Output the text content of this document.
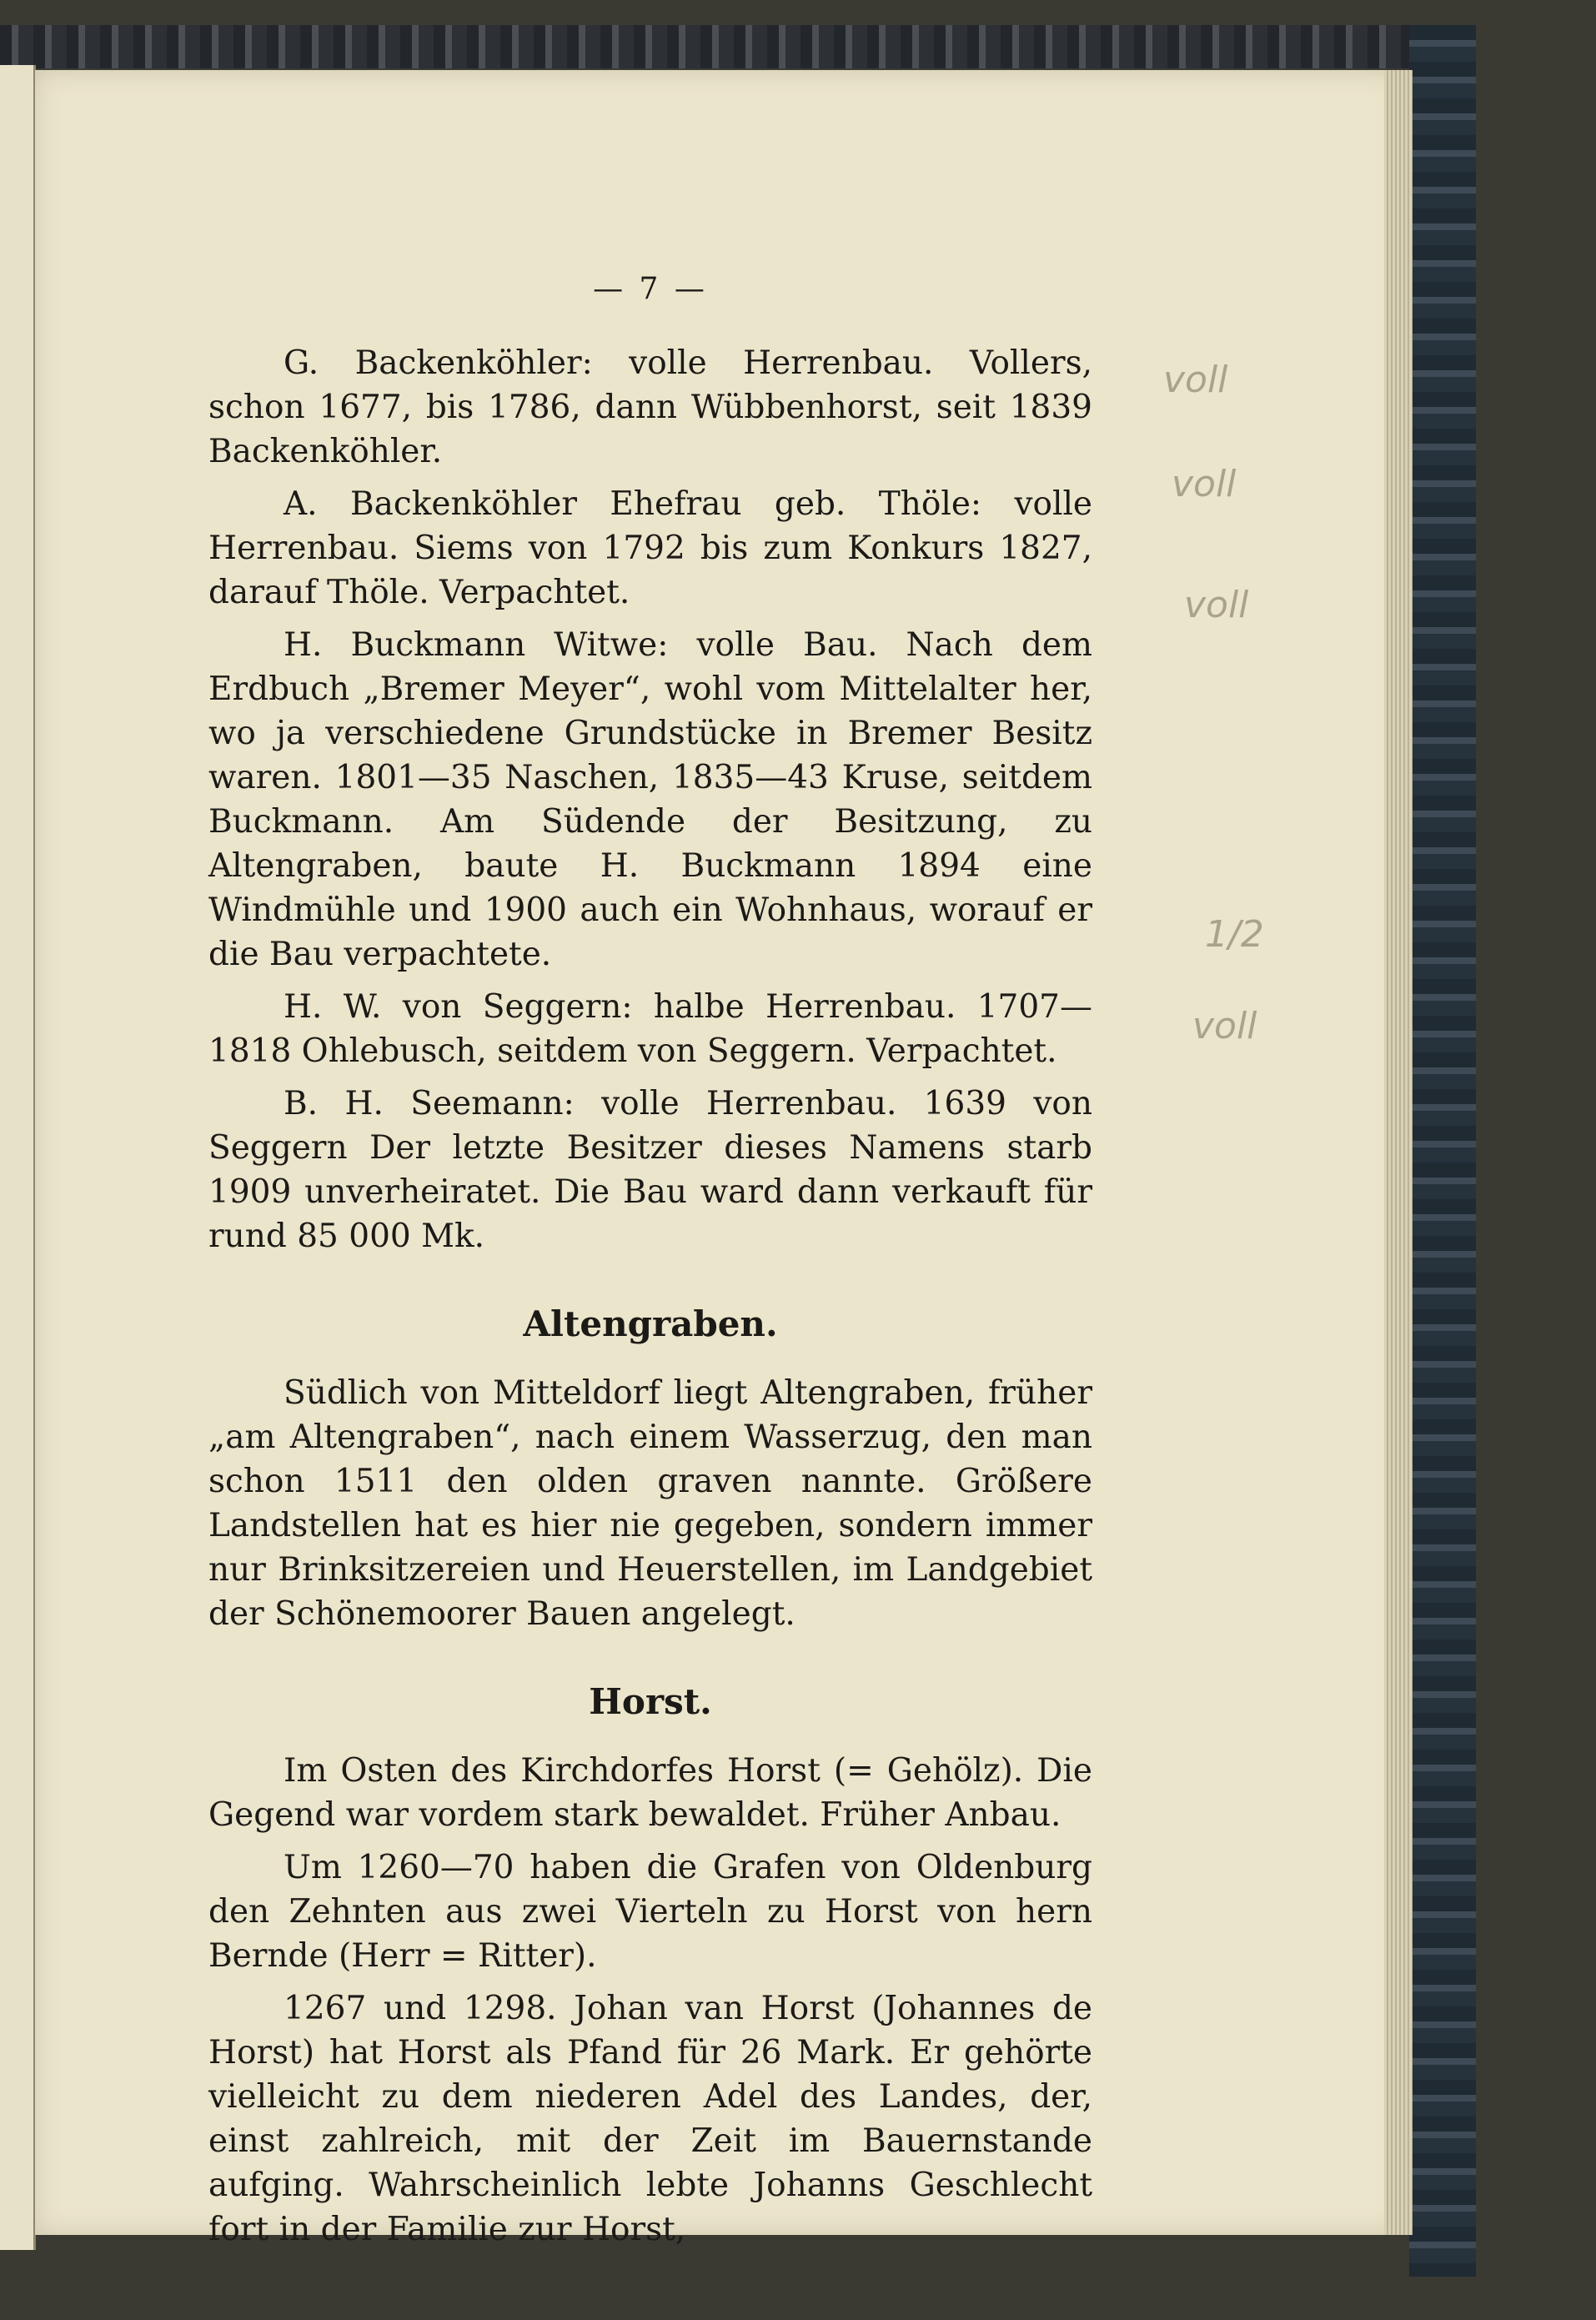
voll
voll
voll
1/2
voll
— 7 —

G. Backenköhler: volle Herrenbau. Vollers, schon 1677, bis 1786, dann Wübbenhorst, seit 1839 Backenköhler.

A. Backenköhler Ehefrau geb. Thöle: volle Herrenbau. Siems von 1792 bis zum Konkurs 1827, darauf Thöle. Verpachtet.

H. Buckmann Witwe: volle Bau. Nach dem Erdbuch „Bremer Meyer“, wohl vom Mittelalter her, wo ja verschiedene Grundstücke in Bremer Besitz waren. 1801—35 Naschen, 1835—43 Kruse, seitdem Buckmann. Am Südende der Besitzung, zu Altengraben, baute H. Buckmann 1894 eine Windmühle und 1900 auch ein Wohnhaus, worauf er die Bau verpachtete.

H. W. von Seggern: halbe Herrenbau. 1707—1818 Ohlebusch, seitdem von Seggern. Verpachtet.

B. H. Seemann: volle Herrenbau. 1639 von Seggern Der letzte Besitzer dieses Namens starb 1909 unverheiratet. Die Bau ward dann verkauft für rund 85 000 Mk.

Altengraben.

Südlich von Mitteldorf liegt Altengraben, früher „am Altengraben“, nach einem Wasserzug, den man schon 1511 den olden graven nannte. Größere Landstellen hat es hier nie gegeben, sondern immer nur Brinksitzereien und Heuerstellen, im Landgebiet der Schönemoorer Bauen angelegt.

Horst.

Im Osten des Kirchdorfes Horst (= Gehölz). Die Gegend war vordem stark bewaldet. Früher Anbau.

Um 1260—70 haben die Grafen von Oldenburg den Zehnten aus zwei Vierteln zu Horst von hern Bernde (Herr = Ritter).

1267 und 1298. Johan van Horst (Johannes de Horst) hat Horst als Pfand für 26 Mark. Er gehörte vielleicht zu dem niederen Adel des Landes, der, einst zahlreich, mit der Zeit im Bauernstande aufging. Wahrscheinlich lebte Johanns Geschlecht fort in der Familie zur Horst,
